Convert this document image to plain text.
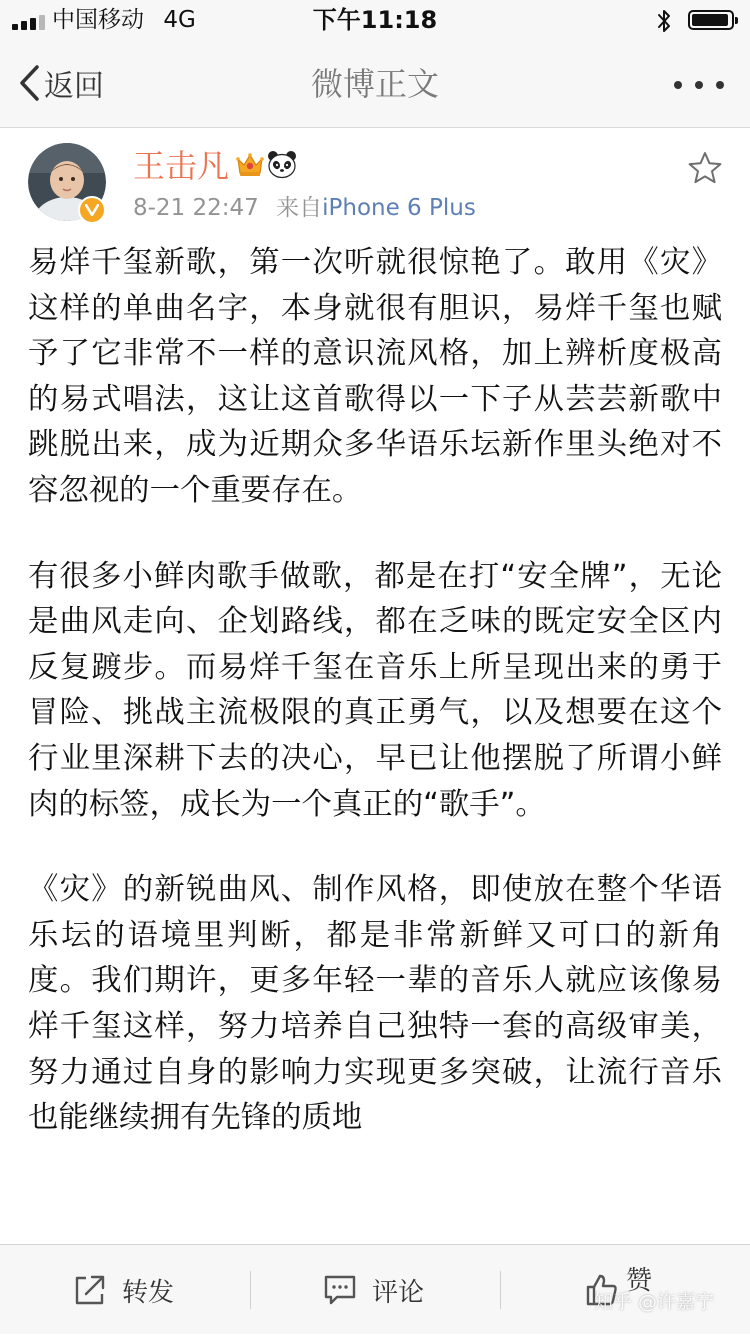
中国移动 4G	下午11:18
返回	微博正文
王击凡
8-21 22:47 来自iPhone 6 Plus

易烊千玺新歌，第一次听就很惊艳了。敢用《灾》这样的单曲名字，本身就很有胆识，易烊千玺也赋予了它非常不一样的意识流风格，加上辨析度极高的易式唱法，这让这首歌得以一下子从芸芸新歌中跳脱出来，成为近期众多华语乐坛新作里头绝对不容忽视的一个重要存在。

有很多小鲜肉歌手做歌，都是在打“安全牌”，无论是曲风走向、企划路线，都在乏味的既定安全区内反复踱步。而易烊千玺在音乐上所呈现出来的勇于冒险、挑战主流极限的真正勇气，以及想要在这个行业里深耕下去的决心，早已让他摆脱了所谓小鲜肉的标签，成长为一个真正的“歌手”。

《灾》的新锐曲风、制作风格，即使放在整个华语乐坛的语境里判断，都是非常新鲜又可口的新角度。我们期许，更多年轻一辈的音乐人就应该像易烊千玺这样，努力培养自己独特一套的高级审美，努力通过自身的影响力实现更多突破，让流行音乐也能继续拥有先锋的质地

转发	评论	赞
知乎 @许嘉宁
